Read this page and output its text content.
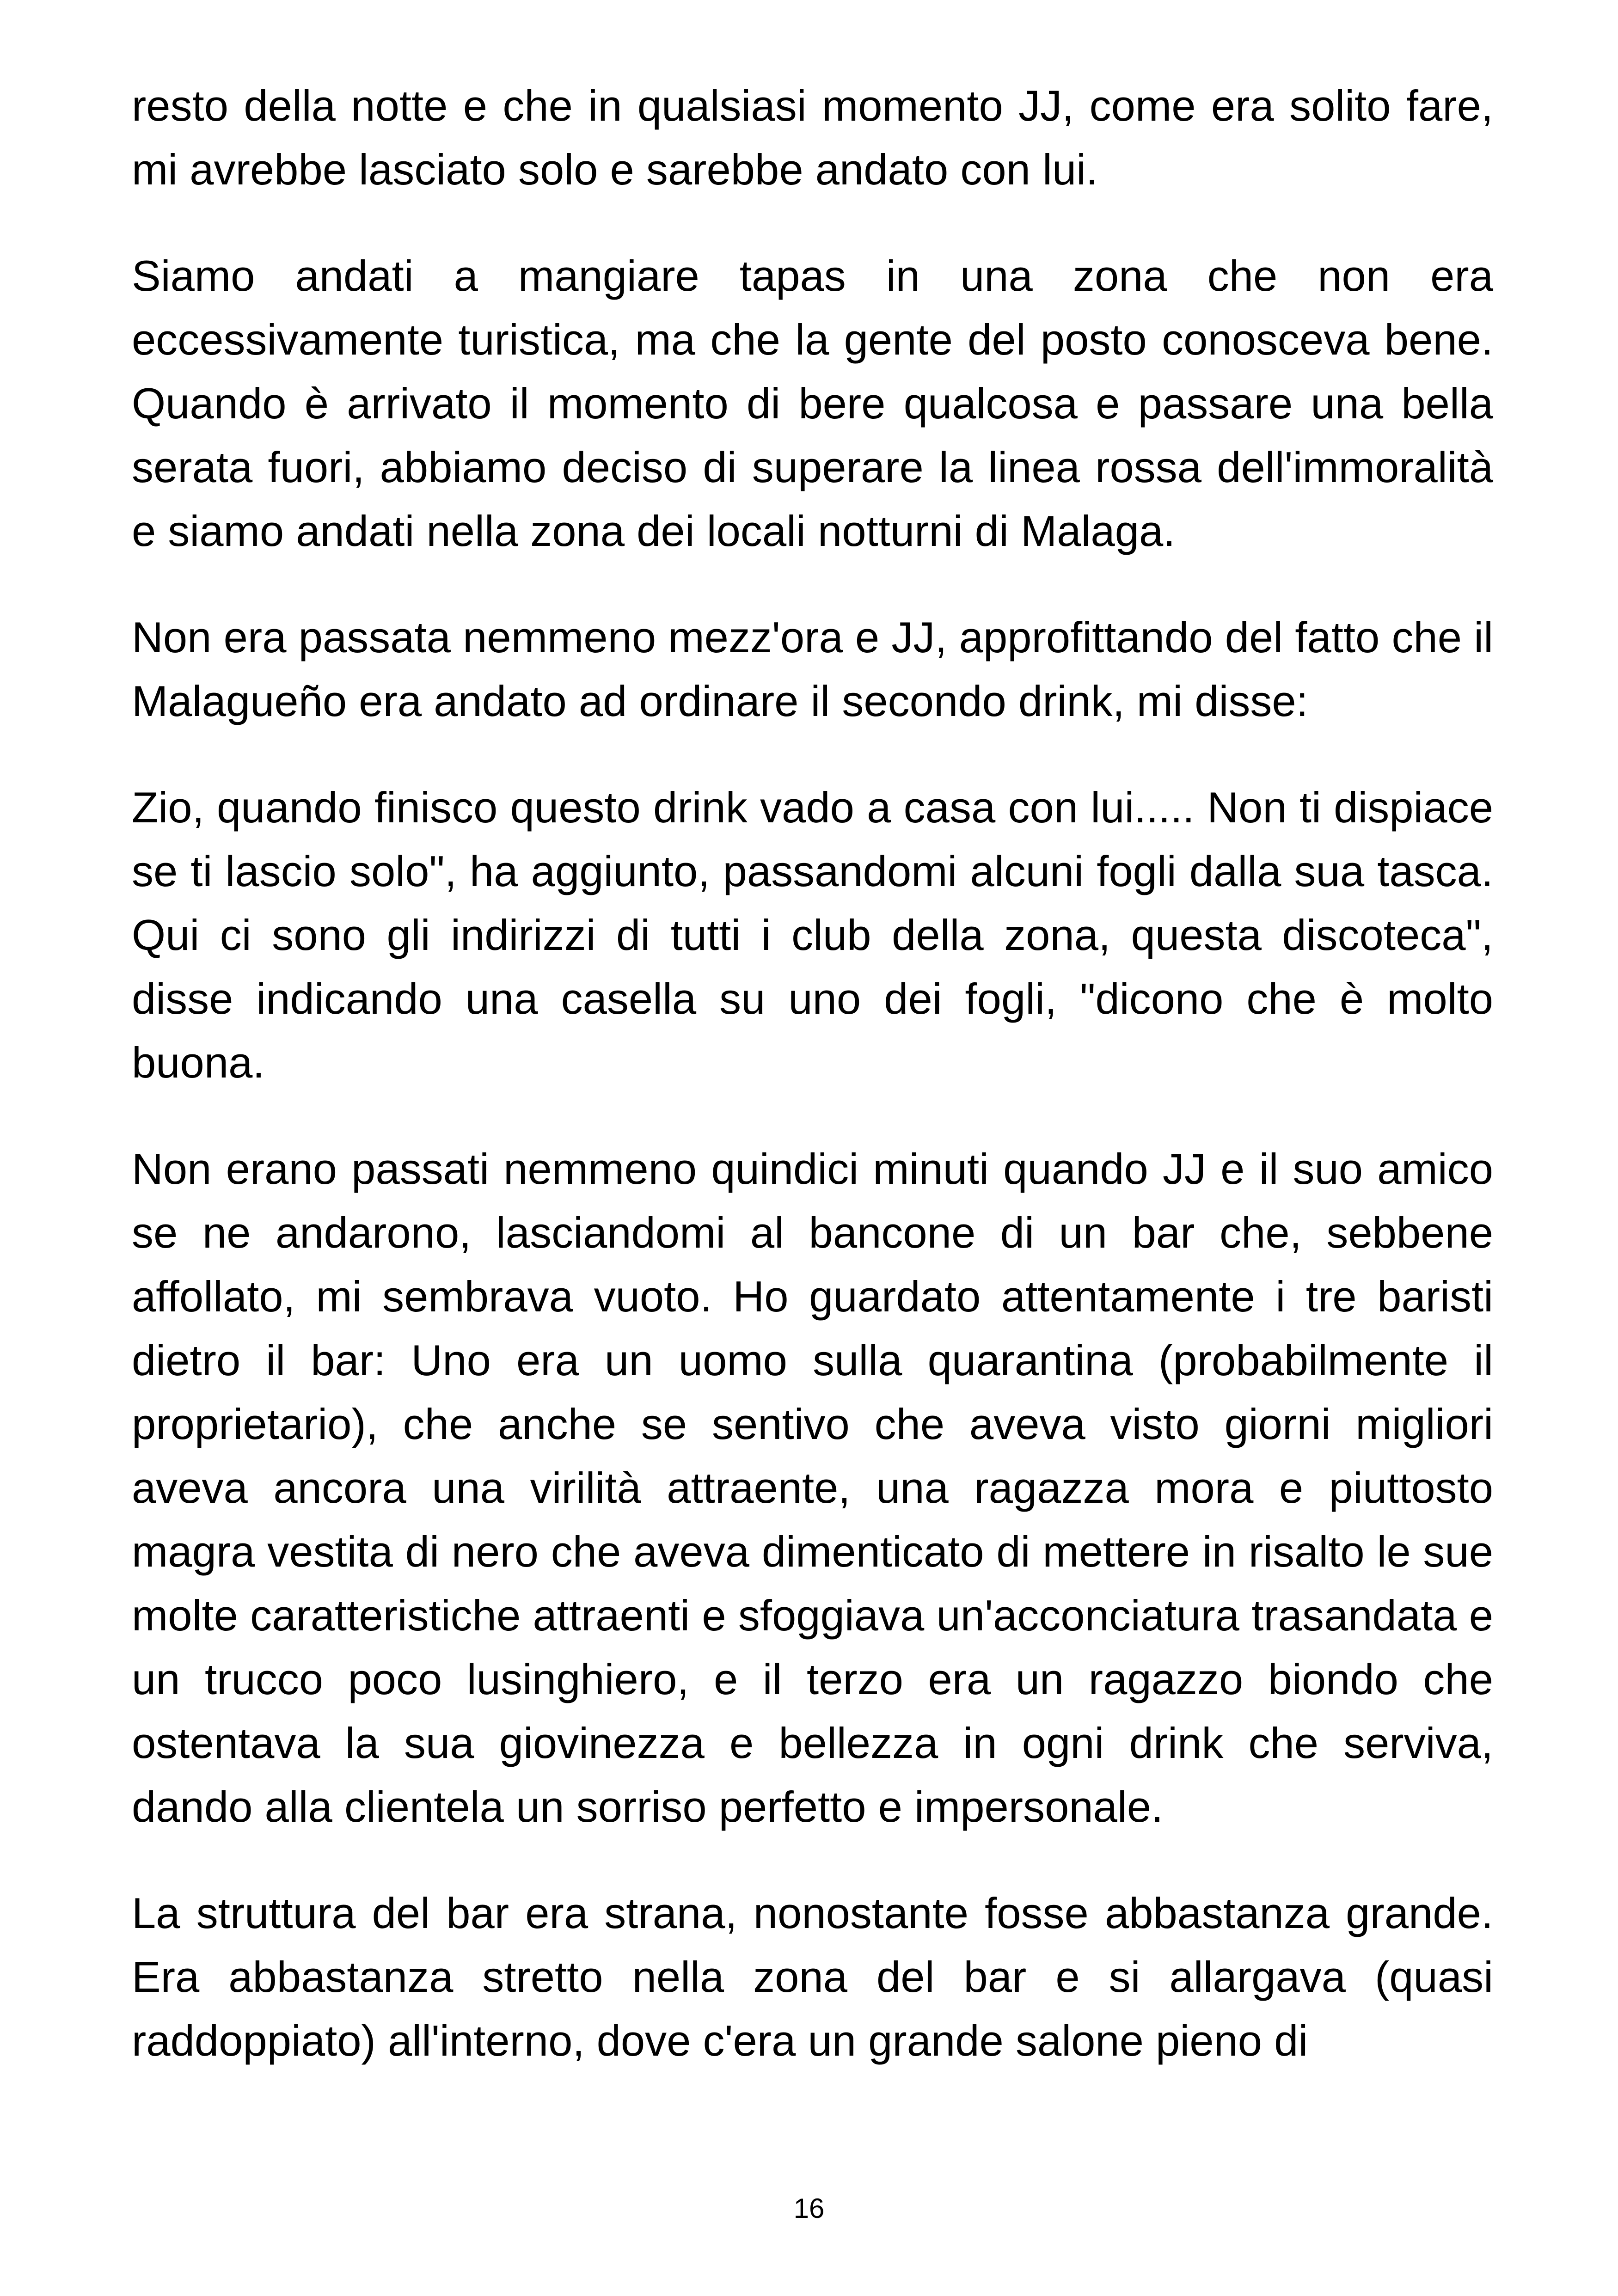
resto della notte e che in qualsiasi momento JJ, come era solito fare, mi avrebbe lasciato solo e sarebbe andato con lui.

Siamo andati a mangiare tapas in una zona che non era eccessivamente turistica, ma che la gente del posto conosceva bene. Quando è arrivato il momento di bere qualcosa e passare una bella serata fuori, abbiamo deciso di superare la linea rossa dell'immoralità e siamo andati nella zona dei locali notturni di Malaga.

Non era passata nemmeno mezz'ora e JJ, approfittando del fatto che il Malagueño era andato ad ordinare il secondo drink, mi disse:

Zio, quando finisco questo drink vado a casa con lui..... Non ti dispiace se ti lascio solo", ha aggiunto, passandomi alcuni fogli dalla sua tasca. Qui ci sono gli indirizzi di tutti i club della zona, questa discoteca", disse indicando una casella su uno dei fogli, "dicono che è molto buona.

Non erano passati nemmeno quindici minuti quando JJ e il suo amico se ne andarono, lasciandomi al bancone di un bar che, sebbene affollato, mi sembrava vuoto. Ho guardato attentamente i tre baristi dietro il bar: Uno era un uomo sulla quarantina (probabilmente il proprietario), che anche se sentivo che aveva visto giorni migliori aveva ancora una virilità attraente, una ragazza mora e piuttosto magra vestita di nero che aveva dimenticato di mettere in risalto le sue molte caratteristiche attraenti e sfoggiava un'acconciatura trasandata e un trucco poco lusinghiero, e il terzo era un ragazzo biondo che ostentava la sua giovinezza e bellezza in ogni drink che serviva, dando alla clientela un sorriso perfetto e impersonale.

La struttura del bar era strana, nonostante fosse abbastanza grande. Era abbastanza stretto nella zona del bar e si allargava (quasi raddoppiato) all'interno, dove c'era un grande salone pieno di

16
